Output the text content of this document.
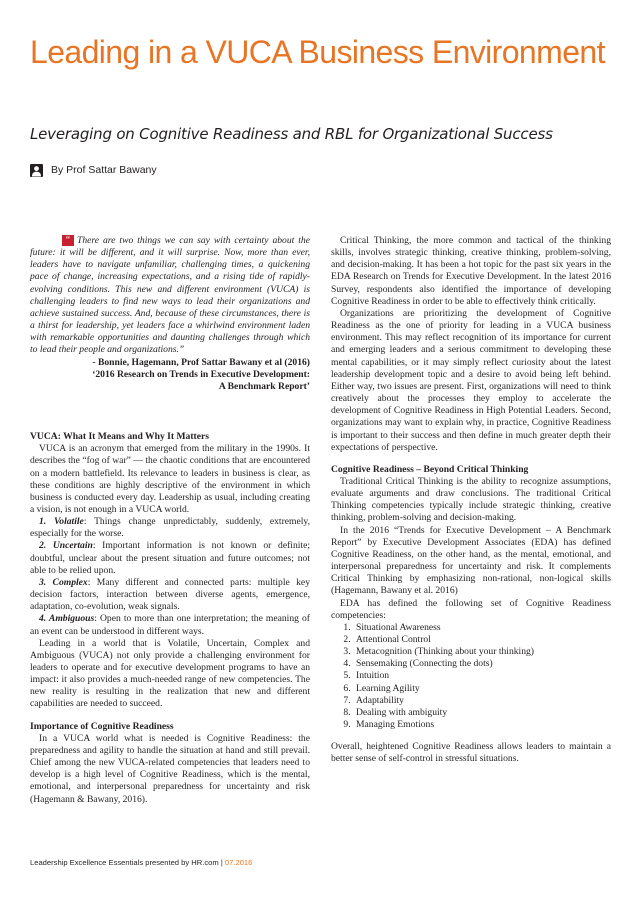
Leading in a VUCA Business Environment
Leveraging on Cognitive Readiness and RBL for Organizational Success
By Prof Sattar Bawany

“ There are two things we can say with certainty about the future: it will be different, and it will surprise. Now, more than ever, leaders have to navigate unfamiliar, challenging times, a quickening pace of change, increasing expectations, and a rising tide of rapidly-evolving conditions. This new and different environment (VUCA) is challenging leaders to find new ways to lead their organizations and achieve sustained success. And, because of these circumstances, there is a thirst for leadership, yet leaders face a whirlwind environment laden with remarkable opportunities and daunting challenges through which to lead their people and organizations.”

- Bonnie, Hagemann, Prof Sattar Bawany et al (2016)

‘2016 Research on Trends in Executive Development:

A Benchmark Report’

VUCA: What It Means and Why It Matters

VUCA is an acronym that emerged from the military in the 1990s. It describes the “fog of war” — the chaotic conditions that are encountered on a modern battlefield. Its relevance to leaders in business is clear, as these conditions are highly descriptive of the environment in which business is conducted every day. Leadership as usual, including creating a vision, is not enough in a VUCA world.

1. Volatile: Things change unpredictably, suddenly, extremely, especially for the worse.

2. Uncertain: Important information is not known or definite; doubtful, unclear about the present situation and future outcomes; not able to be relied upon.

3. Complex: Many different and connected parts: multiple key decision factors, interaction between diverse agents, emergence, adaptation, co-evolution, weak signals.

4. Ambiguous: Open to more than one interpretation; the meaning of an event can be understood in different ways.

Leading in a world that is Volatile, Uncertain, Complex and Ambiguous (VUCA) not only provide a challenging environment for leaders to operate and for executive development programs to have an impact: it also provides a much-needed range of new competencies. The new reality is resulting in the realization that new and different capabilities are needed to succeed.

Importance of Cognitive Readiness

In a VUCA world what is needed is Cognitive Readiness: the preparedness and agility to handle the situation at hand and still prevail. Chief among the new VUCA-related competencies that leaders need to develop is a high level of Cognitive Readiness, which is the mental, emotional, and interpersonal preparedness for uncertainty and risk (Hagemann & Bawany, 2016).

Critical Thinking, the more common and tactical of the thinking skills, involves strategic thinking, creative thinking, problem-solving, and decision-making. It has been a hot topic for the past six years in the EDA Research on Trends for Executive Development. In the latest 2016 Survey, respondents also identified the importance of developing Cognitive Readiness in order to be able to effectively think critically.

Organizations are prioritizing the development of Cognitive Readiness as the one of priority for leading in a VUCA business environment. This may reflect recognition of its importance for current and emerging leaders and a serious commitment to developing these mental capabilities, or it may simply reflect curiosity about the latest leadership development topic and a desire to avoid being left behind. Either way, two issues are present. First, organizations will need to think creatively about the processes they employ to accelerate the development of Cognitive Readiness in High Potential Leaders. Second, organizations may want to explain why, in practice, Cognitive Readiness is important to their success and then define in much greater depth their expectations of perspective.

Cognitive Readiness – Beyond Critical Thinking

Traditional Critical Thinking is the ability to recognize assumptions, evaluate arguments and draw conclusions. The traditional Critical Thinking competencies typically include strategic thinking, creative thinking, problem-solving and decision-making.

In the 2016 “Trends for Executive Development – A Benchmark Report” by Executive Development Associates (EDA) has defined Cognitive Readiness, on the other hand, as the mental, emotional, and interpersonal preparedness for uncertainty and risk. It complements Critical Thinking by emphasizing non-rational, non-logical skills (Hagemann, Bawany et al. 2016)

EDA has defined the following set of Cognitive Readiness competencies:

1. Situational Awareness
2. Attentional Control
3. Metacognition (Thinking about your thinking)
4. Sensemaking (Connecting the dots)
5. Intuition
6. Learning Agility
7. Adaptability
8. Dealing with ambiguity
9. Managing Emotions

Overall, heightened Cognitive Readiness allows leaders to maintain a better sense of self-control in stressful situations.

Leadership Excellence Essentials presented by HR.com | 07.2016
